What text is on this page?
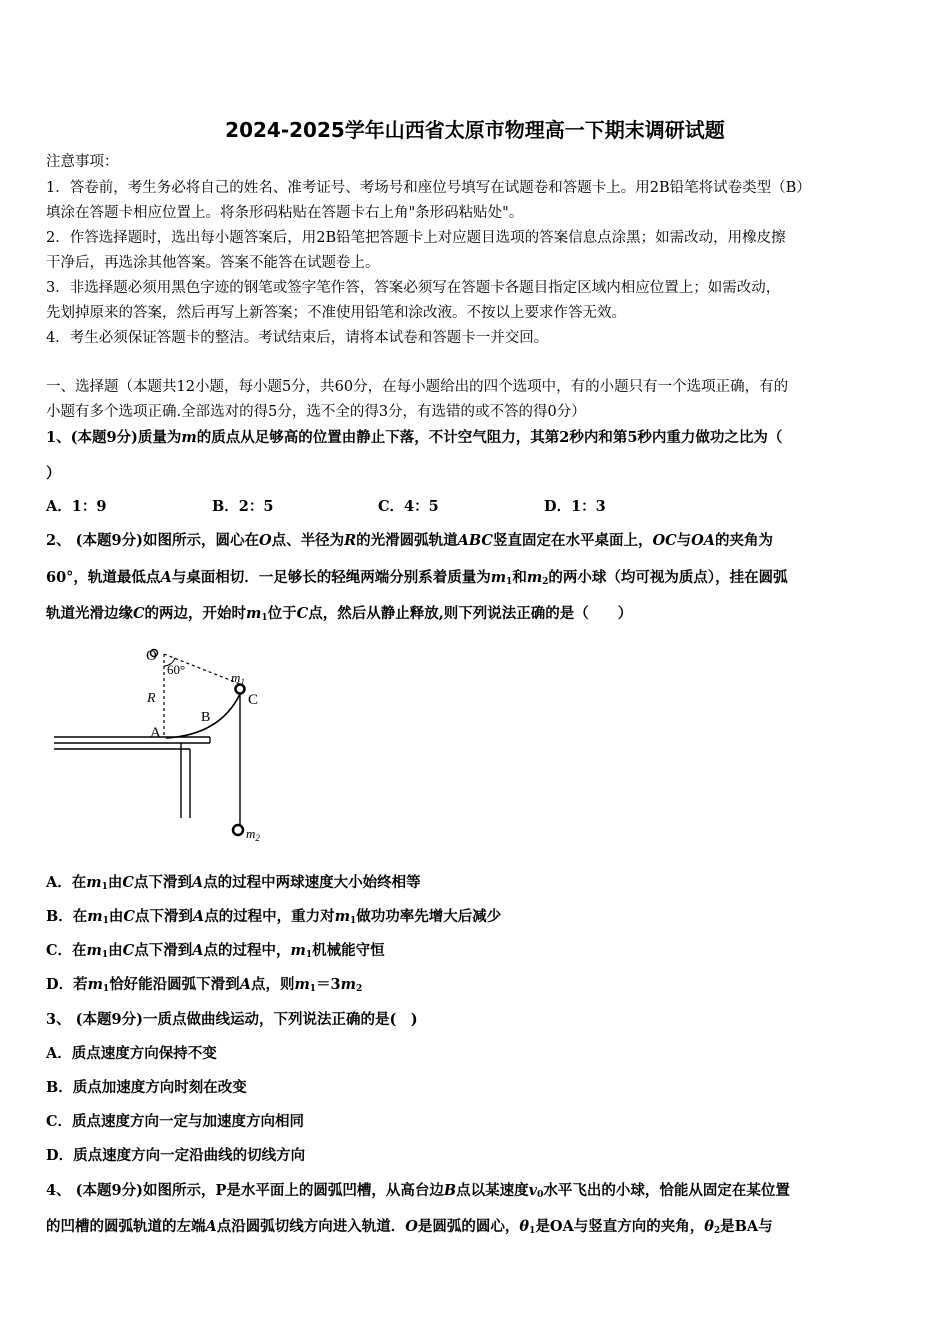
2024-2025学年山西省太原市物理高一下期末调研试题
注意事项：
1．答卷前，考生务必将自己的姓名、准考证号、考场号和座位号填写在试题卷和答题卡上。用2B铅笔将试卷类型（B）
填涂在答题卡相应位置上。将条形码粘贴在答题卡右上角"条形码粘贴处"。
2．作答选择题时，选出每小题答案后，用2B铅笔把答题卡上对应题目选项的答案信息点涂黑；如需改动，用橡皮擦
干净后，再选涂其他答案。答案不能答在试题卷上。
3．非选择题必须用黑色字迹的钢笔或签字笔作答，答案必须写在答题卡各题目指定区域内相应位置上；如需改动，
先划掉原来的答案，然后再写上新答案；不准使用铅笔和涂改液。不按以上要求作答无效。
4．考生必须保证答题卡的整洁。考试结束后，请将本试卷和答题卡一并交回。
一、选择题（本题共12小题，每小题5分，共60分，在每小题给出的四个选项中，有的小题只有一个选项正确，有的
小题有多个选项正确.全部选对的得5分，选不全的得3分，有选错的或不答的得0分）
1、(本题9分)质量为m的质点从足够高的位置由静止下落，不计空气阻力，其第2秒内和第5秒内重力做功之比为（
）
A．1：9	B．2：5	C．4：5	D．1：3
2、 (本题9分)如图所示，圆心在O点、半径为R的光滑圆弧轨道ABC竖直固定在水平桌面上，OC与OA的夹角为
60°，轨道最低点A与桌面相切．一足够长的轻绳两端分别系着质量为$m_1$和$m_2$的两小球（均可视为质点），挂在圆弧
轨道光滑边缘C的两边，开始时$m_1$位于C点，然后从静止释放,则下列说法正确的是（　　）
O
60°
$m_1$
C
R
B
A
$m_2$
A．在$m_1$由C点下滑到A点的过程中两球速度大小始终相等
B．在$m_1$由C点下滑到A点的过程中，重力对$m_1$做功功率先增大后减少
C．在$m_1$由C点下滑到A点的过程中，$m_1$机械能守恒
D．若$m_1$恰好能沿圆弧下滑到A点，则$m_1=3m_2$
3、 (本题9分)一质点做曲线运动，下列说法正确的是(　)
A．质点速度方向保持不变
B．质点加速度方向时刻在改变
C．质点速度方向一定与加速度方向相同
D．质点速度方向一定沿曲线的切线方向
4、 (本题9分)如图所示，P是水平面上的圆弧凹槽，从高台边B点以某速度$v_0$水平飞出的小球，恰能从固定在某位置
的凹槽的圆弧轨道的左端A点沿圆弧切线方向进入轨道．O是圆弧的圆心，$\theta_1$是OA与竖直方向的夹角，$\theta_2$是BA与
